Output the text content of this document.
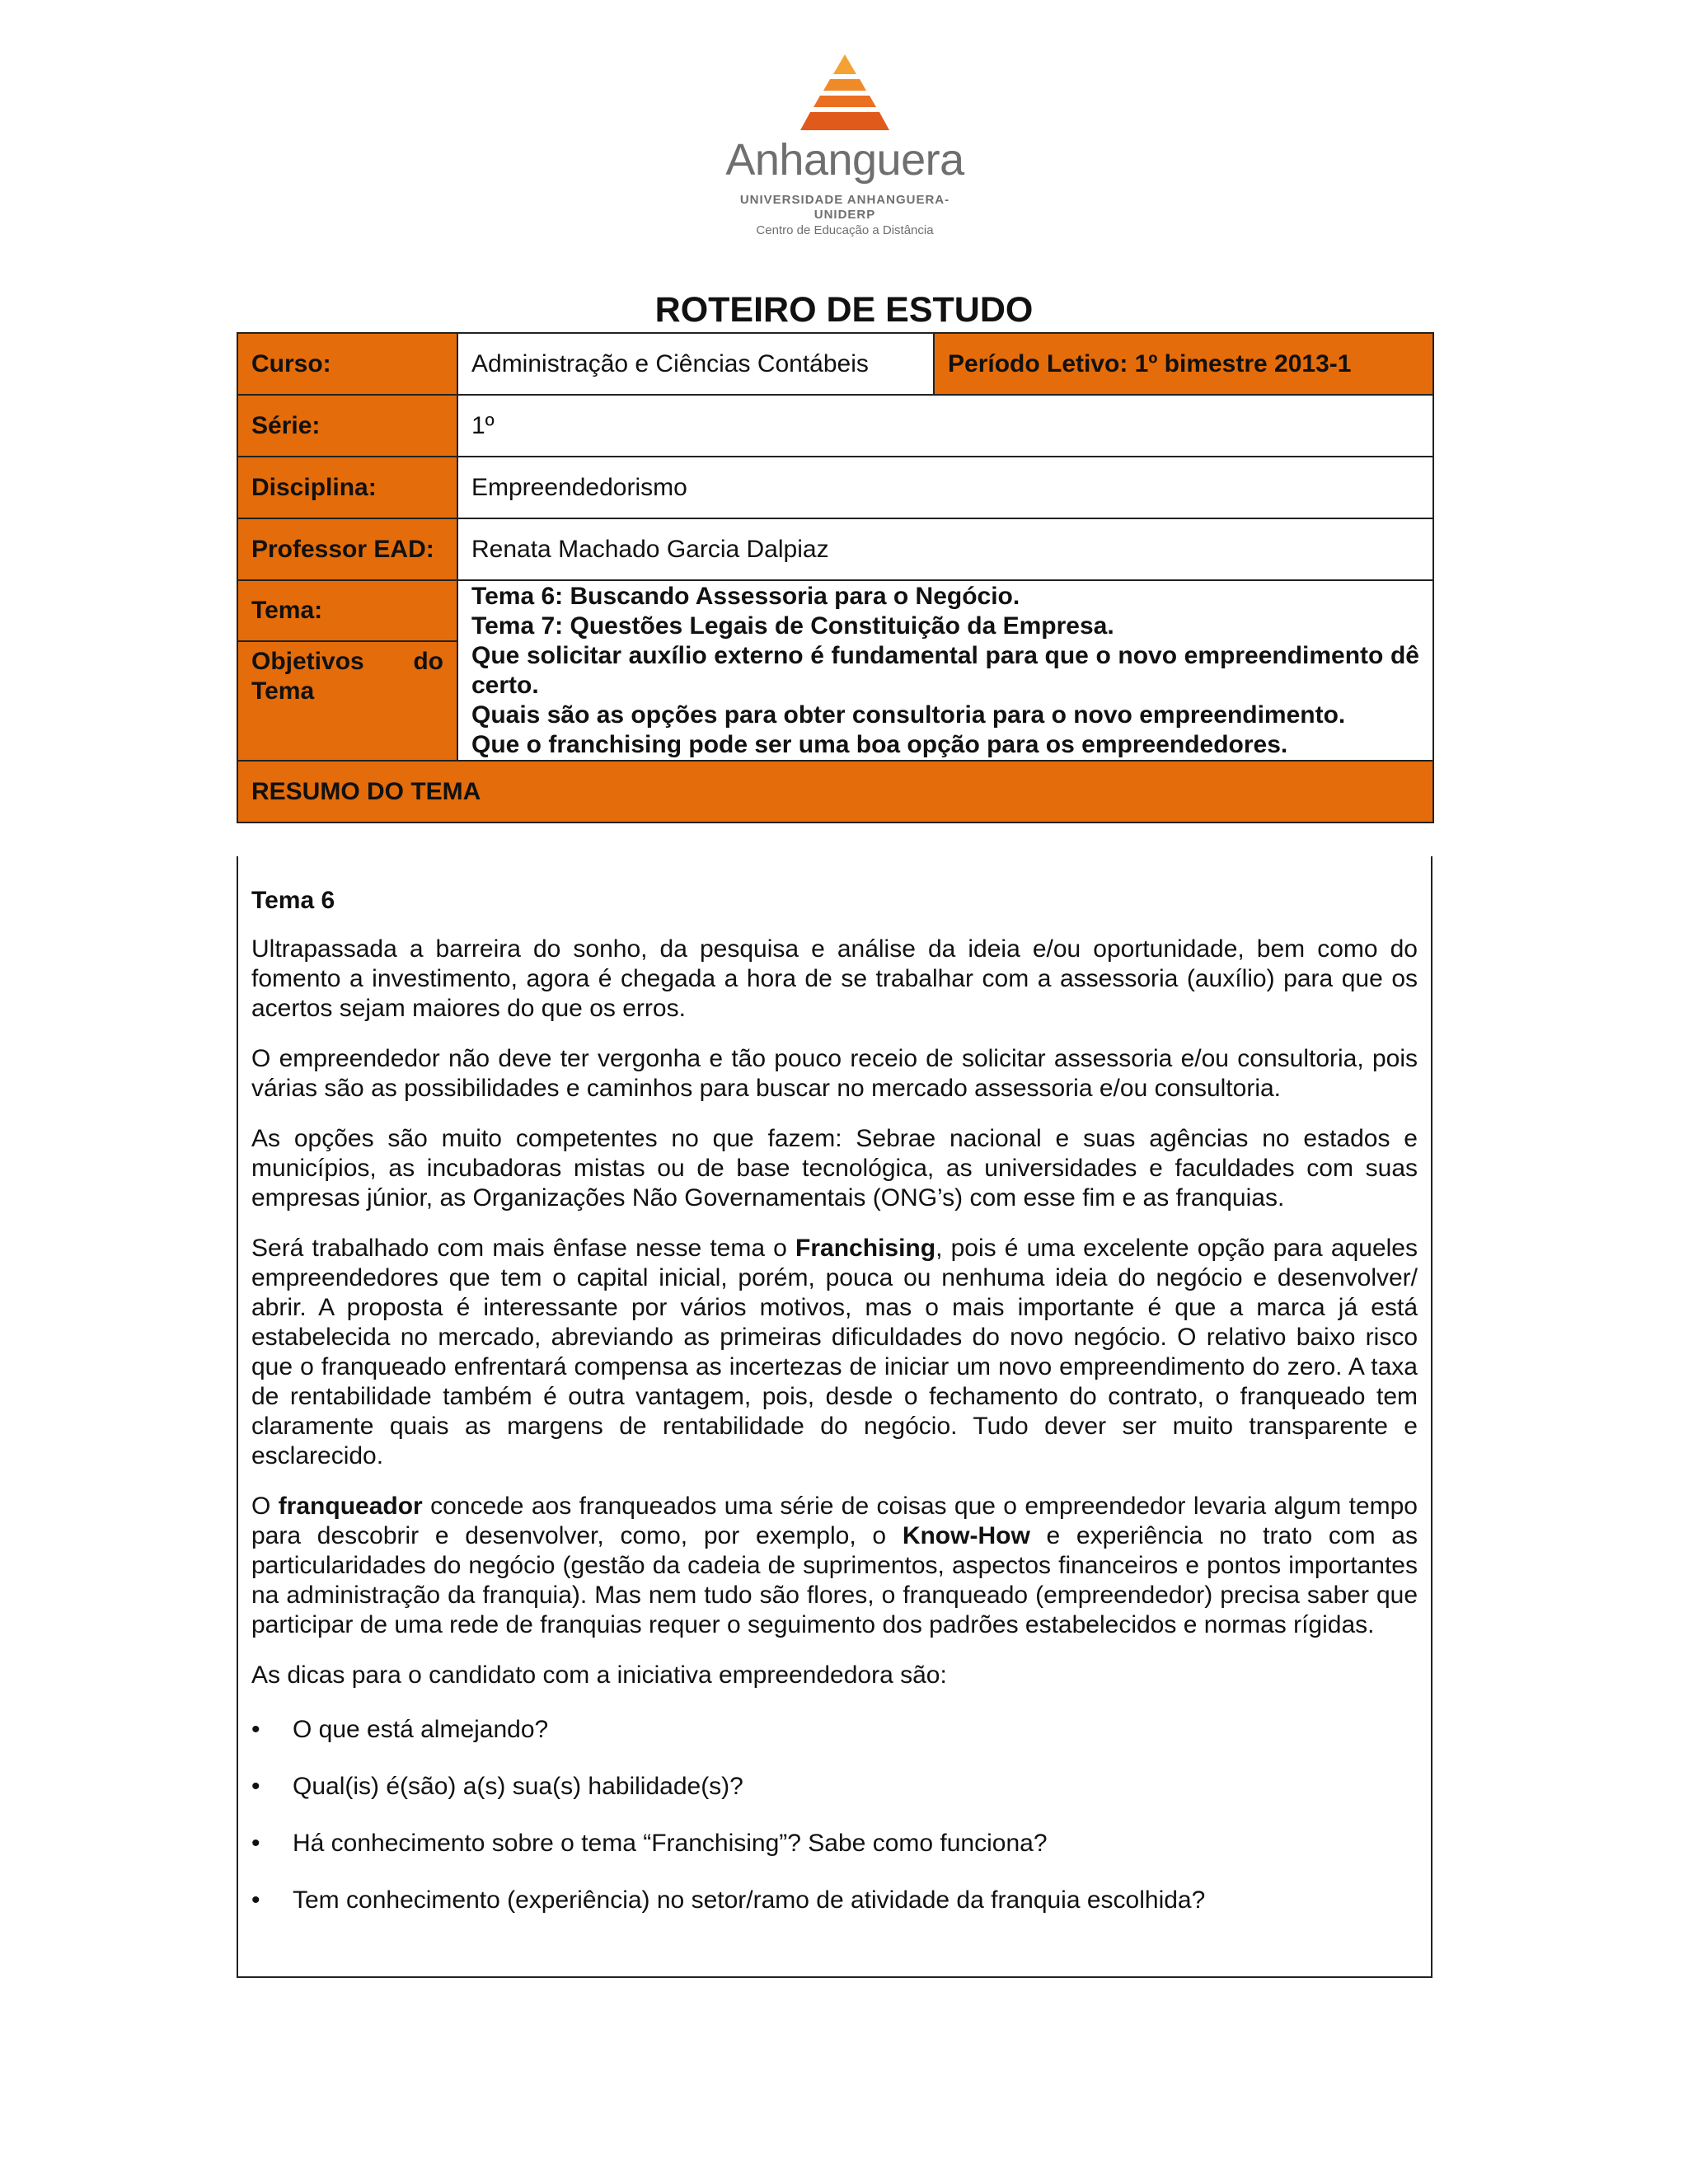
Anhanguera
UNIVERSIDADE ANHANGUERA-UNIDERP
Centro de Educação a Distância
ROTEIRO DE ESTUDO
Curso:	Administração e Ciências Contábeis	Período Letivo: 1º bimestre 2013-1
Série:	1º	
Disciplina:	Empreendedorismo	
Professor EAD:	Renata Machado Garcia Dalpiaz	
Tema:	Tema 6: Buscando Assessoria para o Negócio.
Tema 7: Questões Legais de Constituição da Empresa.	

Objetivos do Tema	Que solicitar auxílio externo é fundamental para que o novo empreendimento dê certo.
Quais são as opções para obter consultoria para o novo empreendimento.
Que o franchising pode ser uma boa opção para os empreendedores.	

RESUMO DO TEMA		
Tema 6

Ultrapassada a barreira do sonho, da pesquisa e análise da ideia e/ou oportunidade, bem como do fomento a investimento, agora é chegada a hora de se trabalhar com a assessoria (auxílio) para que os acertos sejam maiores do que os erros.

O empreendedor não deve ter vergonha e tão pouco receio de solicitar assessoria e/ou consultoria, pois várias são as possibilidades e caminhos para buscar no mercado assessoria e/ou consultoria.

As opções são muito competentes no que fazem: Sebrae nacional e suas agências no estados e municípios, as incubadoras mistas ou de base tecnológica, as universidades e faculdades com suas empresas júnior, as Organizações Não Governamentais (ONG’s) com esse fim e as franquias.

Será trabalhado com mais ênfase nesse tema o Franchising, pois é uma excelente opção para aqueles empreendedores que tem o capital inicial, porém, pouca ou nenhuma ideia do negócio e desenvolver/ abrir. A proposta é interessante por vários motivos, mas o mais importante é que a marca já está estabelecida no mercado, abreviando as primeiras dificuldades do novo negócio. O relativo baixo risco que o franqueado enfrentará compensa as incertezas de iniciar um novo empreendimento do zero. A taxa de rentabilidade também é outra vantagem, pois, desde o fechamento do contrato, o franqueado tem claramente quais as margens de rentabilidade do negócio. Tudo dever ser muito transparente e esclarecido.

O franqueador concede aos franqueados uma série de coisas que o empreendedor levaria algum tempo para descobrir e desenvolver, como, por exemplo, o Know-How e experiência no trato com as particularidades do negócio (gestão da cadeia de suprimentos, aspectos financeiros e pontos importantes na administração da franquia). Mas nem tudo são flores, o franqueado (empreendedor) precisa saber que participar de uma rede de franquias requer o seguimento dos padrões estabelecidos e normas rígidas.

As dicas para o candidato com a iniciativa empreendedora são:

• O que está almejando?
• Qual(is) é(são) a(s) sua(s) habilidade(s)?
• Há conhecimento sobre o tema “Franchising”? Sabe como funciona?
• Tem conhecimento (experiência) no setor/ramo de atividade da franquia escolhida?
